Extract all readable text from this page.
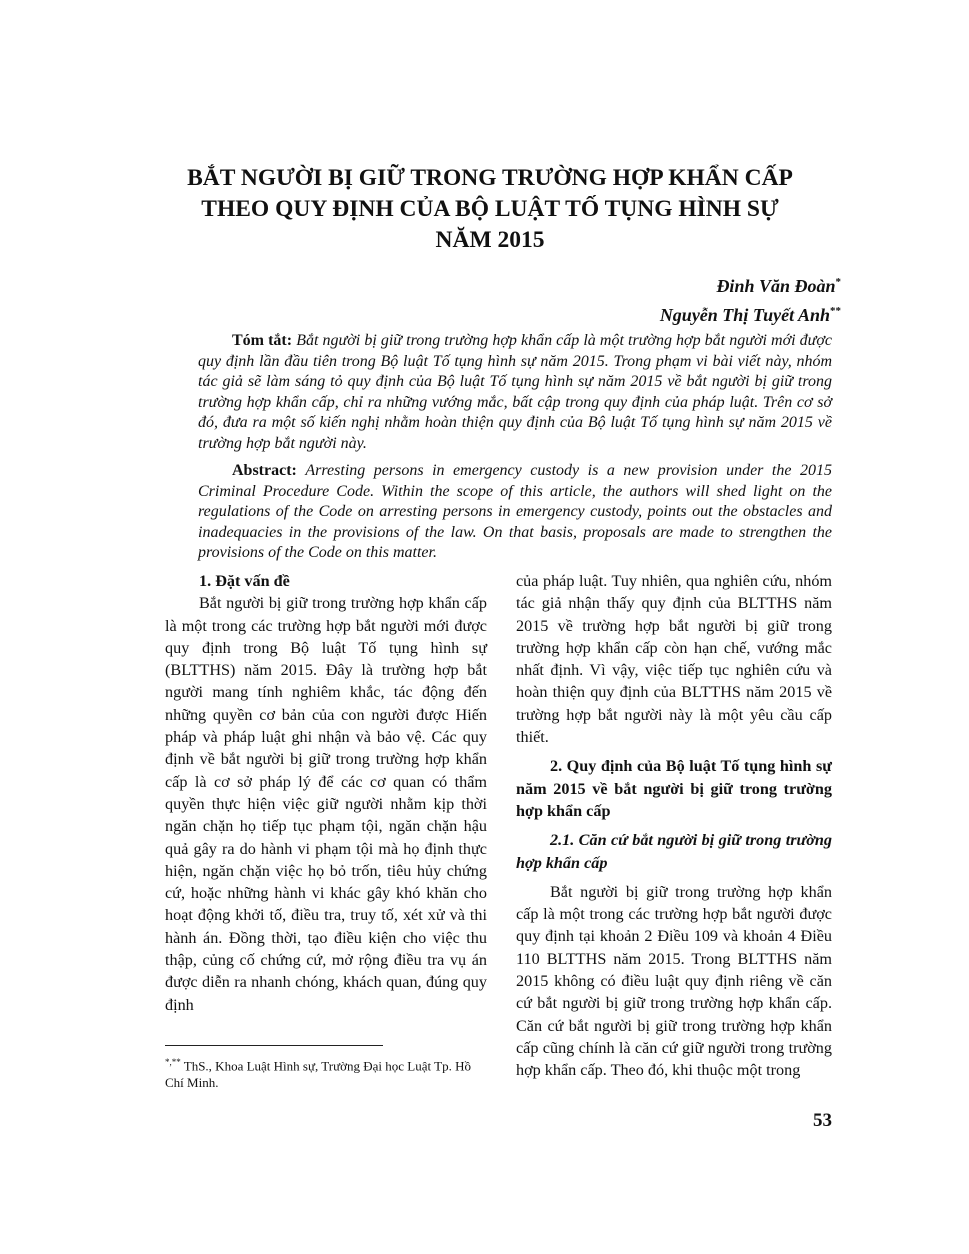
BẮT NGƯỜI BỊ GIỮ TRONG TRƯỜNG HỢP KHẨN CẤP
THEO QUY ĐỊNH CỦA BỘ LUẬT TỐ TỤNG HÌNH SỰ
NĂM 2015
Đinh Văn Đoàn*
Nguyễn Thị Tuyết Anh**

Tóm tắt: Bắt người bị giữ trong trường hợp khẩn cấp là một trường hợp bắt người mới được quy định lần đầu tiên trong Bộ luật Tố tụng hình sự năm 2015. Trong phạm vi bài viết này, nhóm tác giả sẽ làm sáng tỏ quy định của Bộ luật Tố tụng hình sự năm 2015 về bắt người bị giữ trong trường hợp khẩn cấp, chỉ ra những vướng mắc, bất cập trong quy định của pháp luật. Trên cơ sở đó, đưa ra một số kiến nghị nhằm hoàn thiện quy định của Bộ luật Tố tụng hình sự năm 2015 về trường hợp bắt người này.

Abstract: Arresting persons in emergency custody is a new provision under the 2015 Criminal Procedure Code. Within the scope of this article, the authors will shed light on the regulations of the Code on arresting persons in emergency custody, points out the obstacles and inadequacies in the provisions of the law. On that basis, proposals are made to strengthen the provisions of the Code on this matter.

1. Đặt vấn đề

Bắt người bị giữ trong trường hợp khẩn cấp là một trong các trường hợp bắt người mới được quy định trong Bộ luật Tố tụng hình sự (BLTTHS) năm 2015. Đây là trường hợp bắt người mang tính nghiêm khắc, tác động đến những quyền cơ bản của con người được Hiến pháp và pháp luật ghi nhận và bảo vệ. Các quy định về bắt người bị giữ trong trường hợp khẩn cấp là cơ sở pháp lý để các cơ quan có thẩm quyền thực hiện việc giữ người nhằm kịp thời ngăn chặn họ tiếp tục phạm tội, ngăn chặn hậu quả gây ra do hành vi phạm tội mà họ định thực hiện, ngăn chặn việc họ bỏ trốn, tiêu hủy chứng cứ, hoặc những hành vi khác gây khó khăn cho hoạt động khởi tố, điều tra, truy tố, xét xử và thi hành án. Đồng thời, tạo điều kiện cho việc thu thập, củng cố chứng cứ, mở rộng điều tra vụ án được diễn ra nhanh chóng, khách quan, đúng quy định

của pháp luật. Tuy nhiên, qua nghiên cứu, nhóm tác giả nhận thấy quy định của BLTTHS năm 2015 về trường hợp bắt người bị giữ trong trường hợp khẩn cấp còn hạn chế, vướng mắc nhất định. Vì vậy, việc tiếp tục nghiên cứu và hoàn thiện quy định của BLTTHS năm 2015 về trường hợp bắt người này là một yêu cầu cấp thiết.

2. Quy định của Bộ luật Tố tụng hình sự năm 2015 về bắt người bị giữ trong trường hợp khẩn cấp

2.1. Căn cứ bắt người bị giữ trong trường hợp khẩn cấp

Bắt người bị giữ trong trường hợp khẩn cấp là một trong các trường hợp bắt người được quy định tại khoản 2 Điều 109 và khoản 4 Điều 110 BLTTHS năm 2015. Trong BLTTHS năm 2015 không có điều luật quy định riêng về căn cứ bắt người bị giữ trong trường hợp khẩn cấp. Căn cứ bắt người bị giữ trong trường hợp khẩn cấp cũng chính là căn cứ giữ người trong trường hợp khẩn cấp. Theo đó, khi thuộc một trong

*,** ThS., Khoa Luật Hình sự, Trường Đại học Luật Tp. Hồ Chí Minh.
53
